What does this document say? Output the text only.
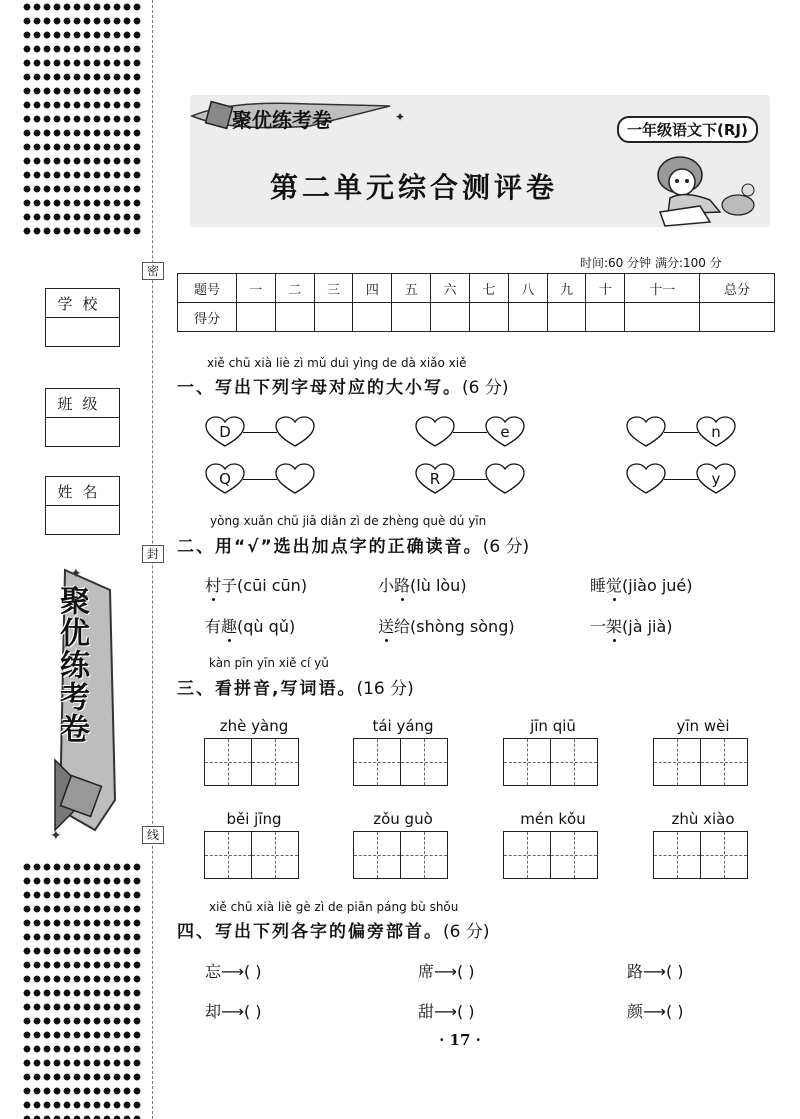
密
封
线
学校
班级
姓名
✦
✦
聚优练考卷
✦
聚优练考卷	一年级语文下(RJ)
第二单元综合测评卷
时间:60 分钟 满分:100 分
题号	一	二	三	四	五	六	七	八	九	十	十一	总分
得分												
xiě chū xià liè zì mǔ duì yìng de dà xiǎo xiě
一、写出下列字母对应的大小写。(6 分)
D	e	n
Q	R	y
yòng xuǎn chū jiā diǎn zì de zhèng què dú yīn
二、用“√”选出加点字的正确读音。(6 分)
村子(cūi cūn)	小路(lù lòu)	睡觉(jiào jué)
有趣(qù qǔ)	送给(shòng sòng)	一架(jà jià)
kàn pīn yīn xiě cí yǔ
三、看拼音,写词语。(16 分)
zhè yàng	tái yáng	jīn qiū	yīn wèi
běi jīng	zǒu guò	mén kǒu	zhù xiào
xiě chū xià liè gè zì de piān páng bù shǒu
四、写出下列各字的偏旁部首。(6 分)
忘⟶( )	席⟶( )	路⟶( )
却⟶( )	甜⟶( )	颜⟶( )
· 17 ·
